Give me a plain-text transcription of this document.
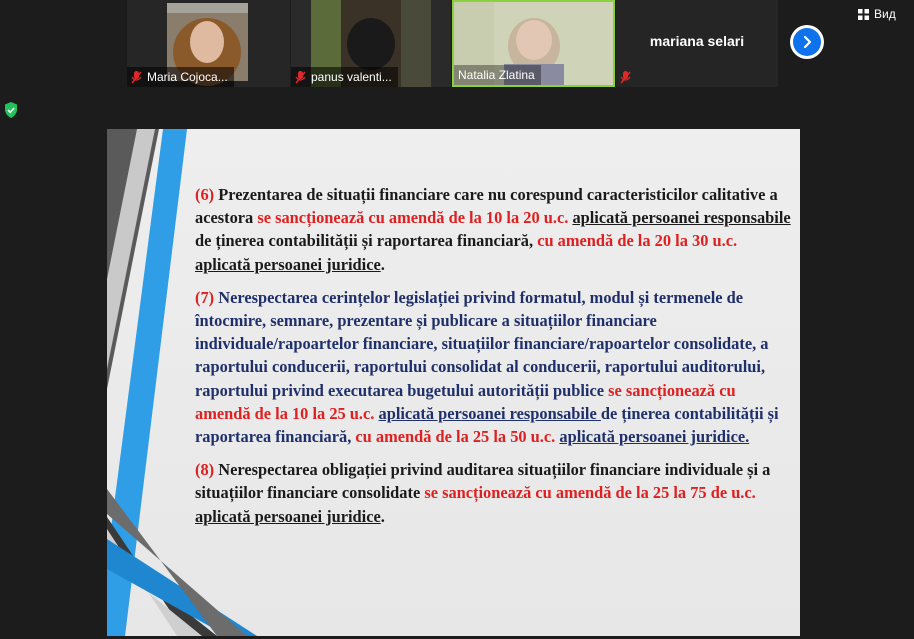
Maria Cojoca...	panus valenti...	Natalia Zlatina
mariana selari
Вид

(6) Prezentarea de situații financiare care nu corespund caracteristicilor calitative a acestora se sancționează cu amendă de la 10 la 20 u.c. aplicată persoanei responsabile de ținerea contabilității și raportarea financiară, cu amendă de la 20 la 30 u.c. aplicată persoanei juridice.

(7) Nerespectarea cerințelor legislației privind formatul, modul și termenele de întocmire, semnare, prezentare și publicare a situațiilor financiare individuale/rapoartelor financiare, situațiilor financiare/rapoartelor consolidate, a raportului conducerii, raportului consolidat al conducerii, raportului auditorului, raportului privind executarea bugetului autorității publice se sancționează cu amendă de la 10 la 25 u.c. aplicată persoanei responsabile de ținerea contabilității și raportarea financiară, cu amendă de la 25 la 50 u.c. aplicată persoanei juridice.

(8) Nerespectarea obligației privind auditarea situațiilor financiare individuale și a situațiilor financiare consolidate se sancționează cu amendă de la 25 la 75 de u.c. aplicată persoanei juridice.
